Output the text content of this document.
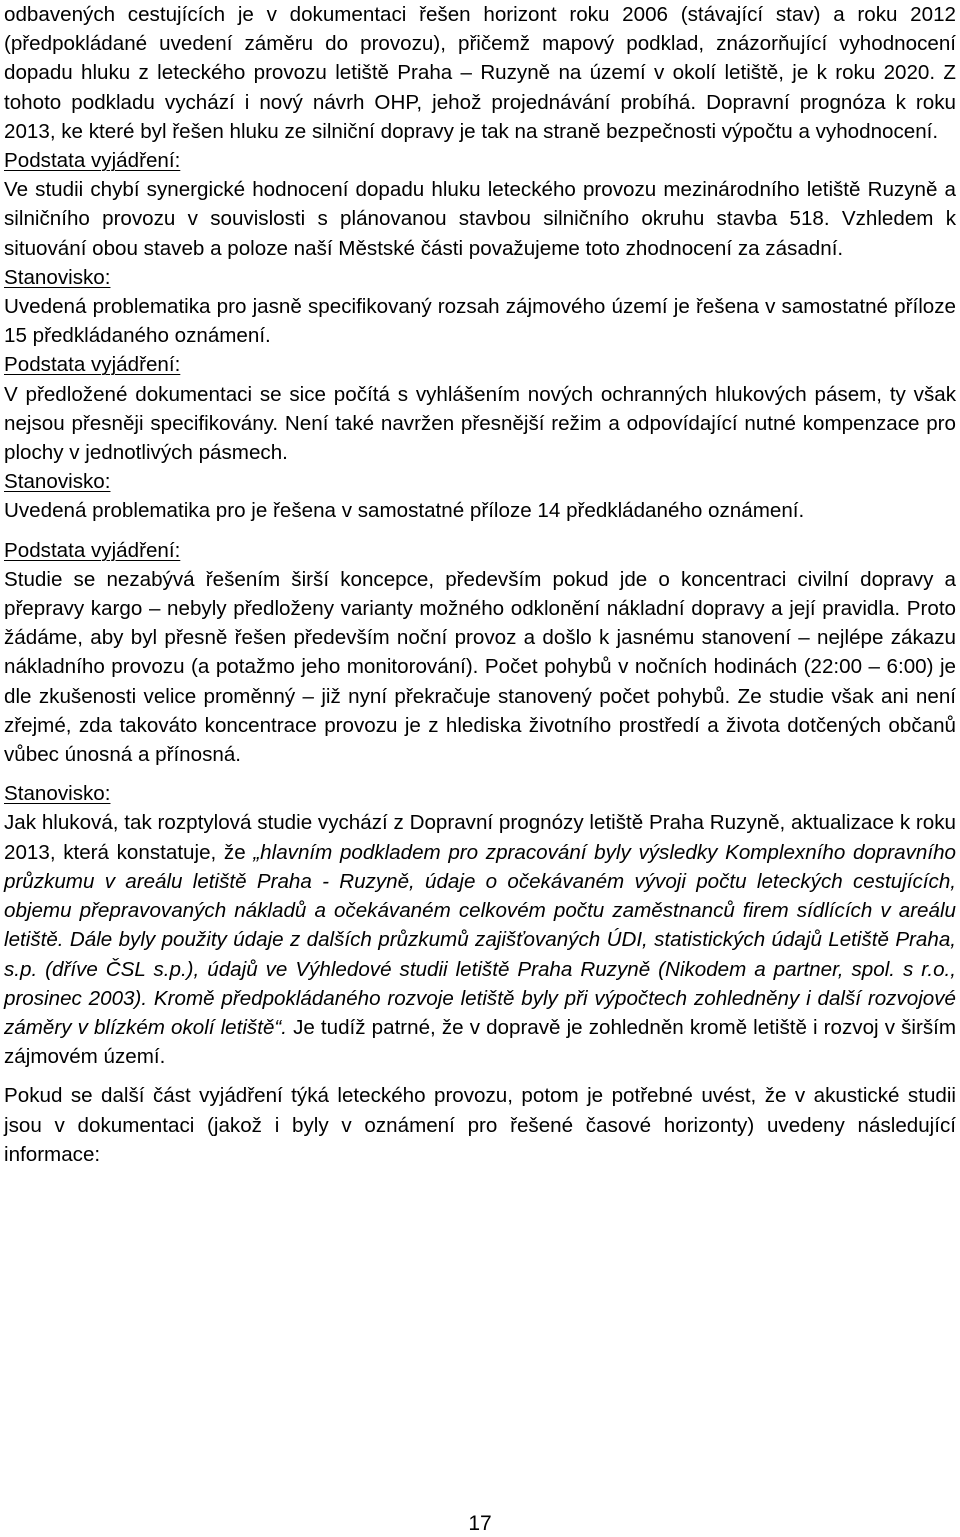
odbavených cestujících je v dokumentaci řešen horizont roku 2006 (stávající stav) a roku 2012 (předpokládané uvedení záměru do provozu), přičemž mapový podklad, znázorňující vyhodnocení dopadu hluku z leteckého provozu letiště Praha – Ruzyně na území v okolí letiště, je k roku 2020. Z tohoto podkladu vychází i nový návrh OHP, jehož projednávání probíhá. Dopravní prognóza k roku 2013, ke které byl řešen hluku ze silniční dopravy je tak na straně bezpečnosti výpočtu a vyhodnocení.

Podstata vyjádření:

Ve studii chybí synergické hodnocení dopadu hluku leteckého provozu mezinárodního letiště Ruzyně a silničního provozu v souvislosti s plánovanou stavbou silničního okruhu stavba 518. Vzhledem k situování obou staveb a poloze naší Městské části považujeme toto zhodnocení za zásadní.

Stanovisko:

Uvedená problematika pro jasně specifikovaný rozsah zájmového území je řešena v samostatné příloze 15 předkládaného oznámení.

Podstata vyjádření:

V předložené dokumentaci se sice počítá s vyhlášením nových ochranných hlukových pásem, ty však nejsou přesněji specifikovány. Není také navržen přesnější režim a odpovídající nutné kompenzace pro plochy v jednotlivých pásmech.

Stanovisko:

Uvedená problematika pro je řešena v samostatné příloze 14 předkládaného oznámení.

Podstata vyjádření:

Studie se nezabývá řešením širší koncepce, především pokud jde o koncentraci civilní dopravy a přepravy kargo – nebyly předloženy varianty možného odklonění nákladní dopravy a její pravidla. Proto žádáme, aby byl přesně řešen především noční provoz a došlo k jasnému stanovení – nejlépe zákazu nákladního provozu (a potažmo jeho monitorování). Počet pohybů v nočních hodinách (22:00 – 6:00) je dle zkušenosti velice proměnný – již nyní překračuje stanovený počet pohybů. Ze studie však ani není zřejmé, zda takováto koncentrace provozu je z hlediska životního prostředí a života dotčených občanů vůbec únosná a přínosná.

Stanovisko:

Jak hluková, tak rozptylová studie vychází z Dopravní prognózy letiště Praha Ruzyně, aktualizace k roku 2013, která konstatuje, že „hlavním podkladem pro zpracování byly výsledky Komplexního dopravního průzkumu v areálu letiště Praha - Ruzyně, údaje o očekávaném vývoji počtu leteckých cestujících, objemu přepravovaných nákladů a očekávaném celkovém počtu zaměstnanců firem sídlících v areálu letiště. Dále byly použity údaje z dalších průzkumů zajišťovaných ÚDI, statistických údajů Letiště Praha, s.p. (dříve ČSL s.p.), údajů ve Výhledové studii letiště Praha Ruzyně (Nikodem a partner, spol. s r.o., prosinec 2003). Kromě předpokládaného rozvoje letiště byly při výpočtech zohledněny i další rozvojové záměry v blízkém okolí letiště“. Je tudíž patrné, že v dopravě je zohledněn kromě letiště i rozvoj v širším zájmovém území.

Pokud se další část vyjádření týká leteckého provozu, potom je potřebné uvést, že v akustické studii jsou v dokumentaci (jakož i byly v oznámení pro řešené časové horizonty) uvedeny následující informace:

17
